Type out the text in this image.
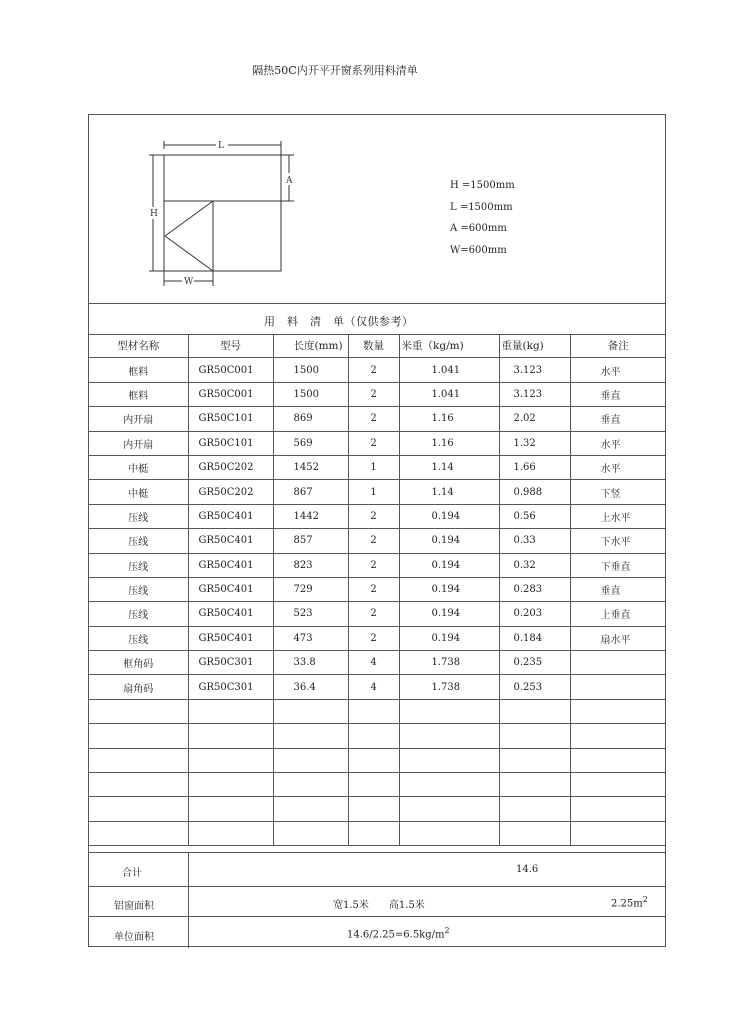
隔热50C内开平开窗系列用料清单
L
A
H
W
H =1500mm
L =1500mm
A =600mm
W=600mm
用　料　清　单（仅供参考）
型材名称	型号	长度(mm)	数量	米重（kg/m)	重量(kg)	备注
框料	GR50C001	1500	2	1.041	3.123	水平
框料	GR50C001	1500	2	1.041	3.123	垂直
内开扇	GR50C101	869	2	1.16	2.02	垂直
内开扇	GR50C101	569	2	1.16	1.32	水平
中梃	GR50C202	1452	1	1.14	1.66	水平
中梃	GR50C202	867	1	1.14	0.988	下竖
压线	GR50C401	1442	2	0.194	0.56	上水平
压线	GR50C401	857	2	0.194	0.33	下水平
压线	GR50C401	823	2	0.194	0.32	下垂直
压线	GR50C401	729	2	0.194	0.283	垂直
压线	GR50C401	523	2	0.194	0.203	上垂直
压线	GR50C401	473	2	0.194	0.184	扇水平
框角码	GR50C301	33.8	4	1.738	0.235	
扇角码	GR50C301	36.4	4	1.738	0.253	

合计	14.6
铝窗面积	宽1.5米　　高1.5米	$2.25m^2$
单位面积	$14.6/2.25=6.5kg/m^2$
